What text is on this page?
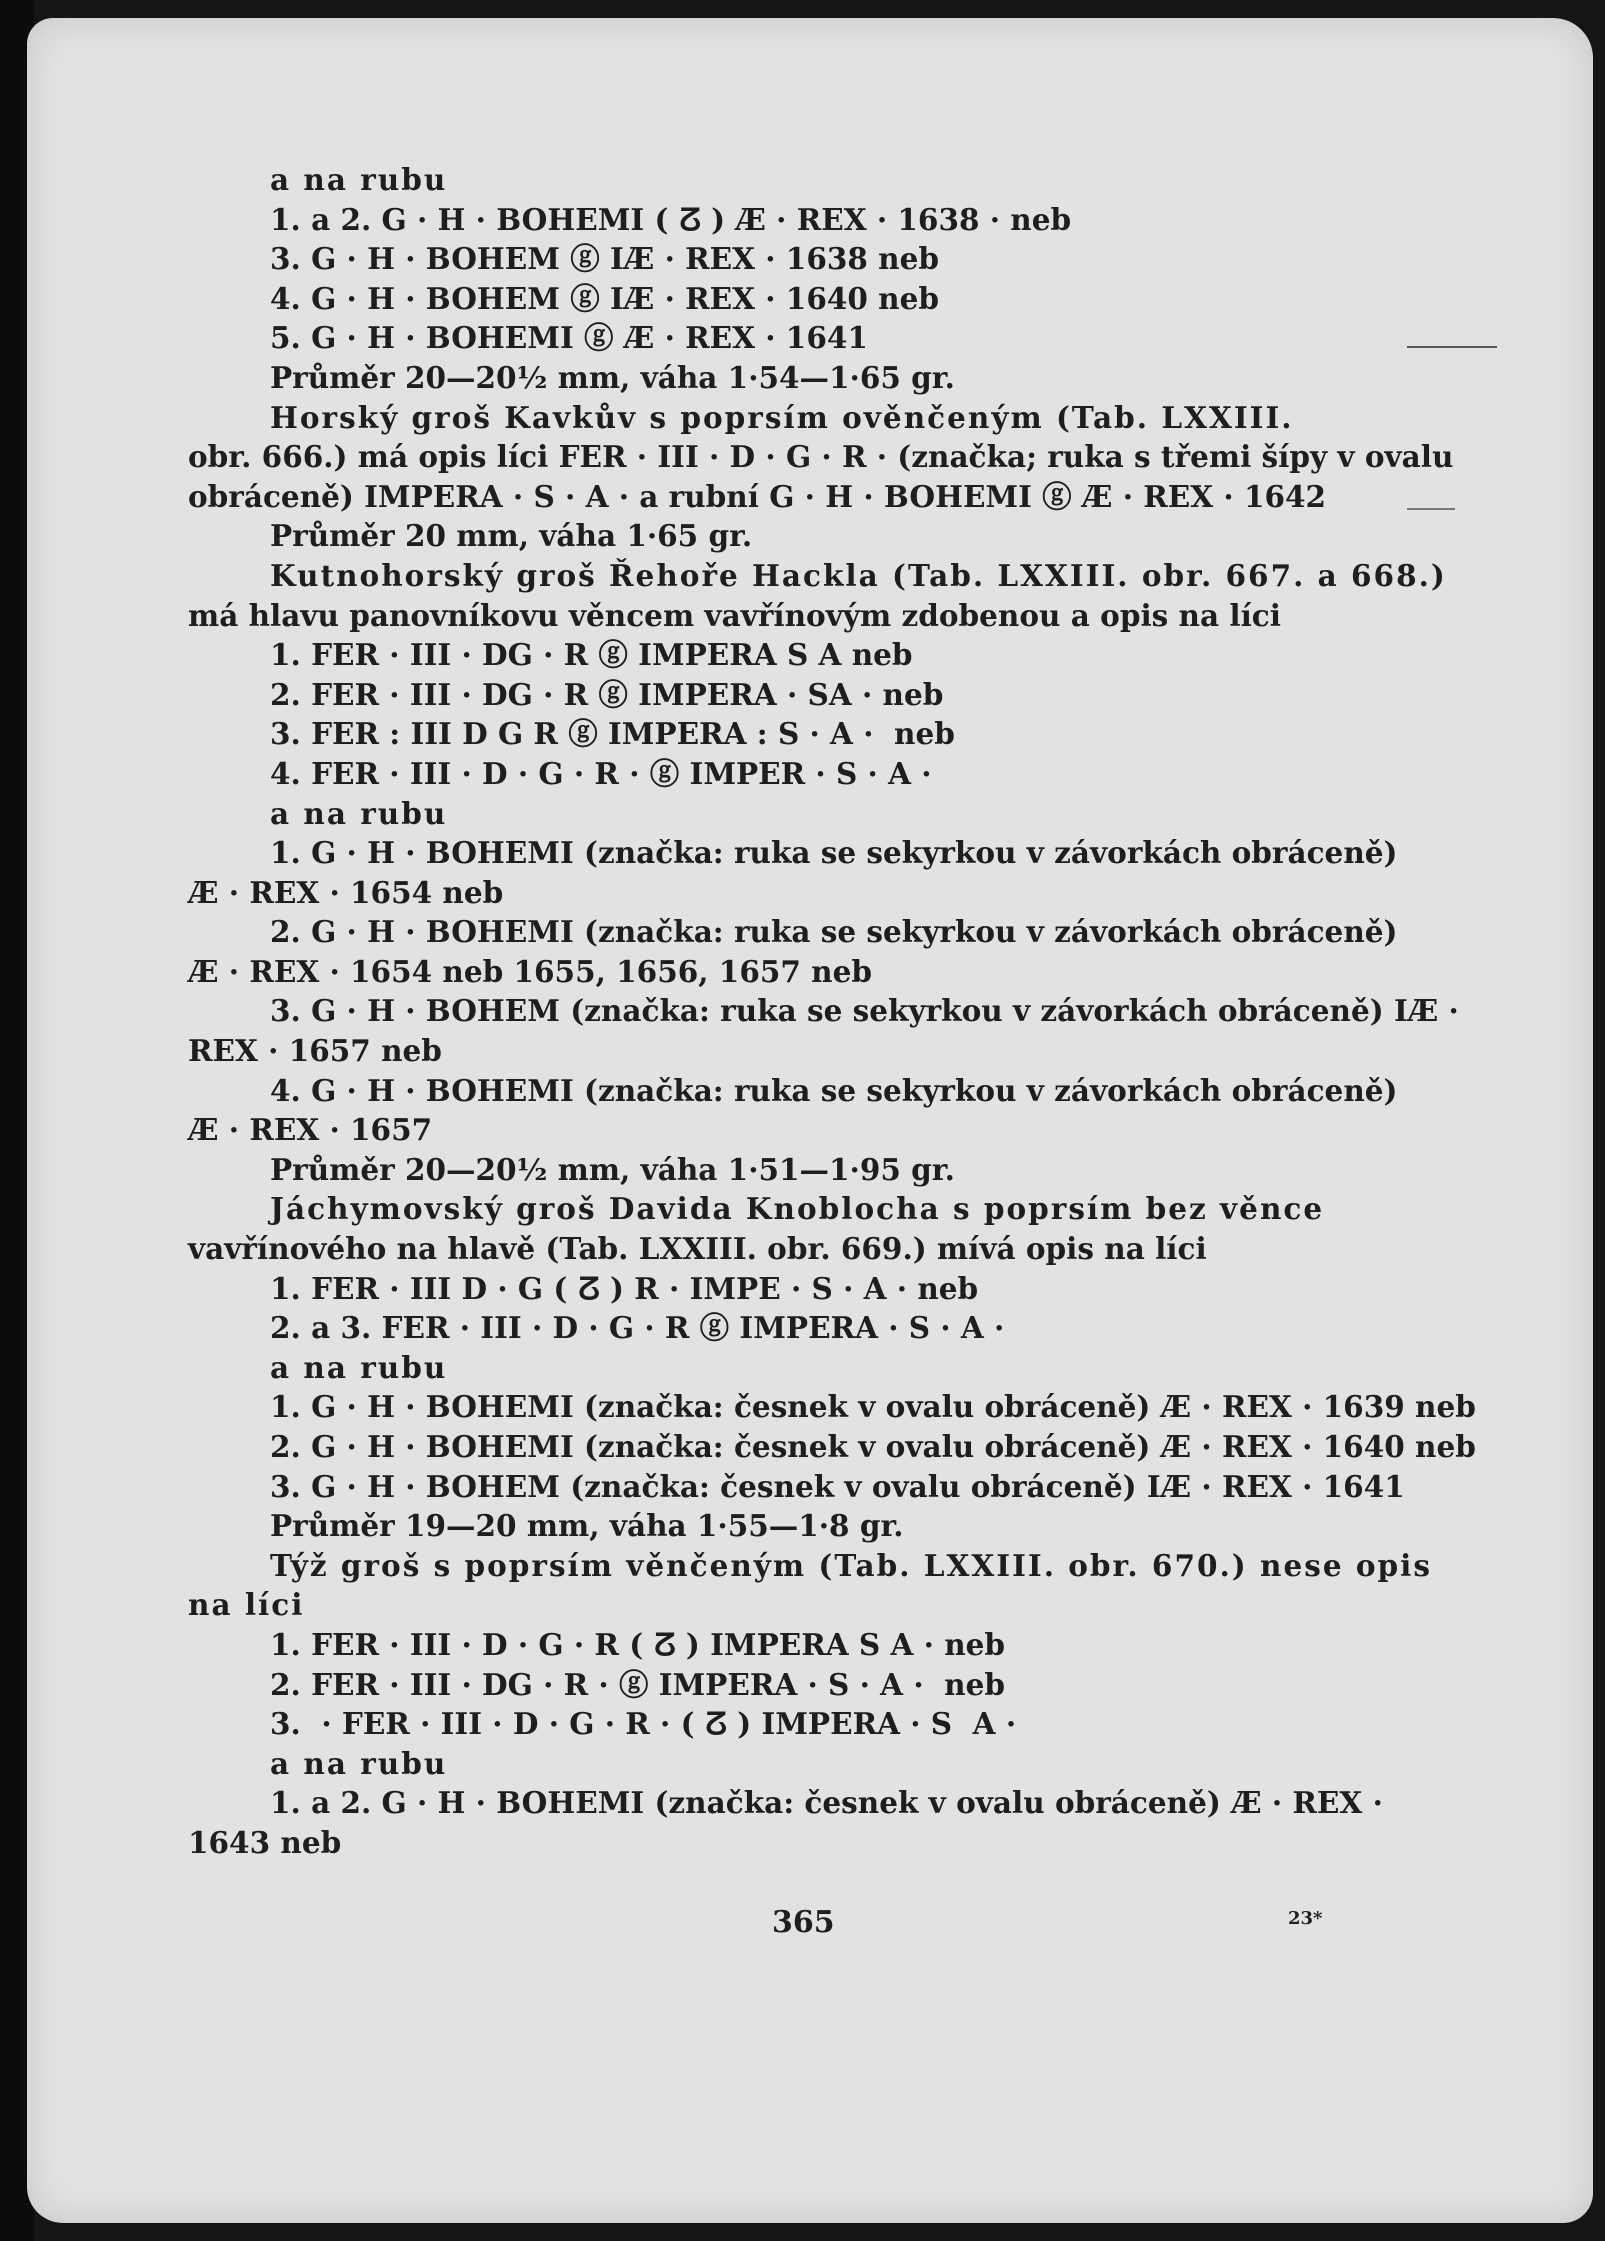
a na rubu
1. a 2. G · H · BOHEMI ( ⵒ ) Æ · REX · 1638 · neb
3. G · H · BOHEM ⓖ IÆ · REX · 1638 neb
4. G · H · BOHEM ⓖ IÆ · REX · 1640 neb
5. G · H · BOHEMI ⓖ Æ · REX · 1641
Průměr 20—20½ mm, váha 1·54—1·65 gr.
Horský groš Kavkův s poprsím ověnčeným (Tab. LXXIII.
obr. 666.) má opis líci FER · III · D · G · R · (značka; ruka s třemi šípy v ovalu
obráceně) IMPERA · S · A · a rubní G · H · BOHEMI ⓖ Æ · REX · 1642
Průměr 20 mm, váha 1·65 gr.
Kutnohorský groš Řehoře Hackla (Tab. LXXIII. obr. 667. a 668.)
má hlavu panovníkovu věncem vavřínovým zdobenou a opis na líci
1. FER · III · DG · R ⓖ IMPERA S A neb
2. FER · III · DG · R ⓖ IMPERA · SA · neb
3. FER : III D G R ⓖ IMPERA : S · A ·  neb
4. FER · III · D · G · R · ⓖ IMPER · S · A ·
a na rubu
1. G · H · BOHEMI (značka: ruka se sekyrkou v závorkách obráceně)
Æ · REX · 1654 neb
2. G · H · BOHEMI (značka: ruka se sekyrkou v závorkách obráceně)
Æ · REX · 1654 neb 1655, 1656, 1657 neb
3. G · H · BOHEM (značka: ruka se sekyrkou v závorkách obráceně) IÆ ·
REX · 1657 neb
4. G · H · BOHEMI (značka: ruka se sekyrkou v závorkách obráceně)
Æ · REX · 1657
Průměr 20—20½ mm, váha 1·51—1·95 gr.
Jáchymovský groš Davida Knoblocha s poprsím bez věnce
vavřínového na hlavě (Tab. LXXIII. obr. 669.) mívá opis na líci
1. FER · III D · G ( ⵒ ) R · IMPE · S · A · neb
2. a 3. FER · III · D · G · R ⓖ IMPERA · S · A ·
a na rubu
1. G · H · BOHEMI (značka: česnek v ovalu obráceně) Æ · REX · 1639 neb
2. G · H · BOHEMI (značka: česnek v ovalu obráceně) Æ · REX · 1640 neb
3. G · H · BOHEM (značka: česnek v ovalu obráceně) IÆ · REX · 1641
Průměr 19—20 mm, váha 1·55—1·8 gr.
Týž groš s poprsím věnčeným (Tab. LXXIII. obr. 670.) nese opis
na líci
1. FER · III · D · G · R ( ⵒ ) IMPERA S A · neb
2. FER · III · DG · R · ⓖ IMPERA · S · A ·  neb
3.  · FER · III · D · G · R · ( ⵒ ) IMPERA · S  A ·
a na rubu
1. a 2. G · H · BOHEMI (značka: česnek v ovalu obráceně) Æ · REX ·
1643 neb
365	23*
